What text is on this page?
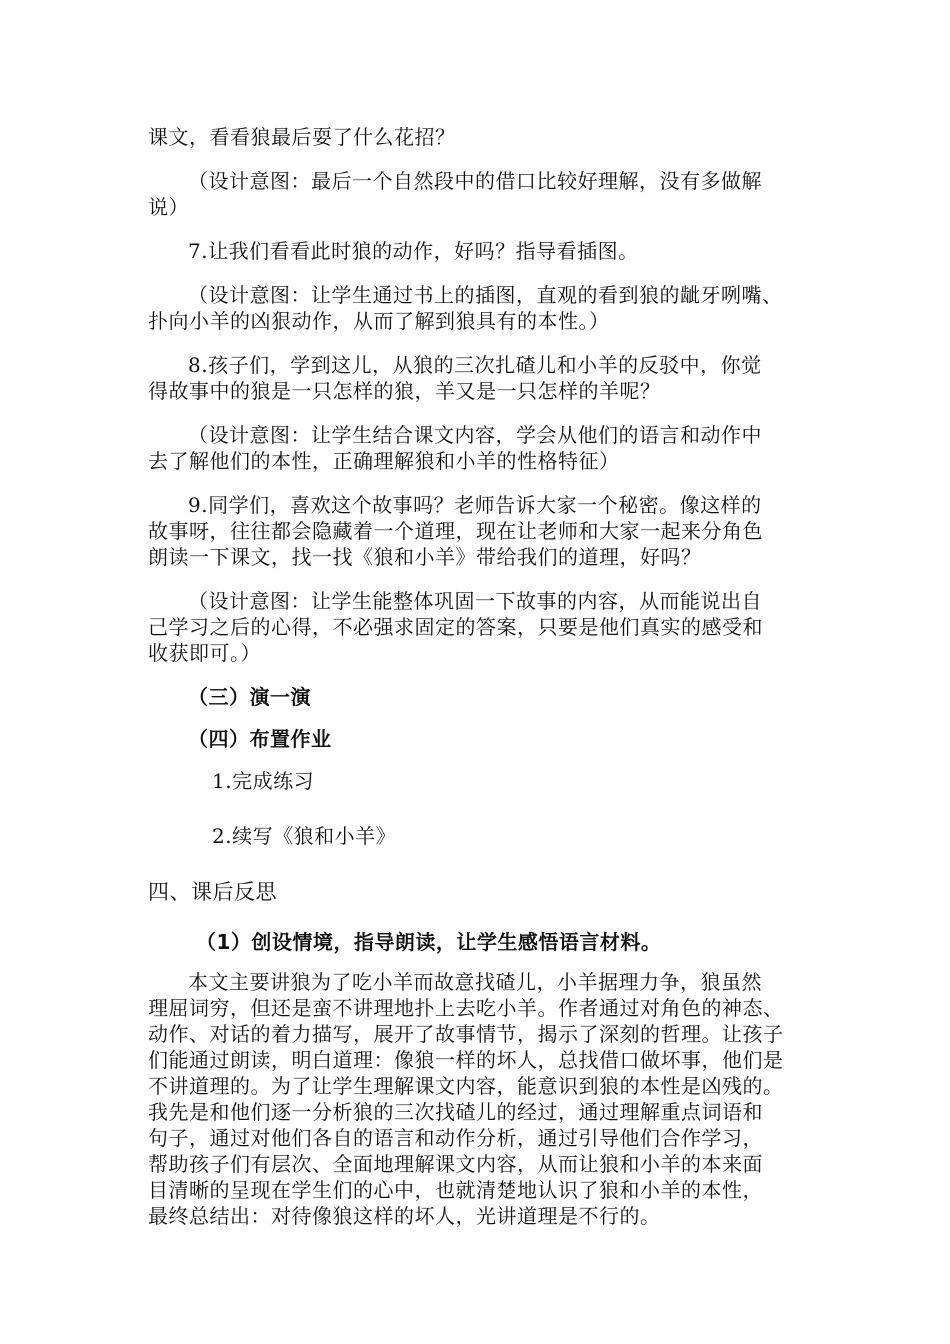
课文，看看狼最后耍了什么花招？

（设计意图：最后一个自然段中的借口比较好理解，没有多做解

说）

7.让我们看看此时狼的动作，好吗？指导看插图。

（设计意图：让学生通过书上的插图，直观的看到狼的龇牙咧嘴、

扑向小羊的凶狠动作，从而了解到狼具有的本性。）

8.孩子们，学到这儿，从狼的三次扎碴儿和小羊的反驳中，你觉

得故事中的狼是一只怎样的狼，羊又是一只怎样的羊呢？

（设计意图：让学生结合课文内容，学会从他们的语言和动作中

去了解他们的本性，正确理解狼和小羊的性格特征）

9.同学们，喜欢这个故事吗？老师告诉大家一个秘密。像这样的

故事呀，往往都会隐藏着一个道理，现在让老师和大家一起来分角色

朗读一下课文，找一找《狼和小羊》带给我们的道理，好吗？

（设计意图：让学生能整体巩固一下故事的内容，从而能说出自

己学习之后的心得，不必强求固定的答案，只要是他们真实的感受和

收获即可。）

（三）演一演

（四）布置作业

1.完成练习

2.续写《狼和小羊》

四、课后反思

（1）创设情境，指导朗读，让学生感悟语言材料。

本文主要讲狼为了吃小羊而故意找碴儿，小羊据理力争，狼虽然

理屈词穷，但还是蛮不讲理地扑上去吃小羊。作者通过对角色的神态、

动作、对话的着力描写，展开了故事情节，揭示了深刻的哲理。让孩子

们能通过朗读，明白道理：像狼一样的坏人，总找借口做坏事，他们是

不讲道理的。为了让学生理解课文内容，能意识到狼的本性是凶残的。

我先是和他们逐一分析狼的三次找碴儿的经过，通过理解重点词语和

句子，通过对他们各自的语言和动作分析，通过引导他们合作学习，

帮助孩子们有层次、全面地理解课文内容，从而让狼和小羊的本来面

目清晰的呈现在学生们的心中，也就清楚地认识了狼和小羊的本性，

最终总结出：对待像狼这样的坏人，光讲道理是不行的。
